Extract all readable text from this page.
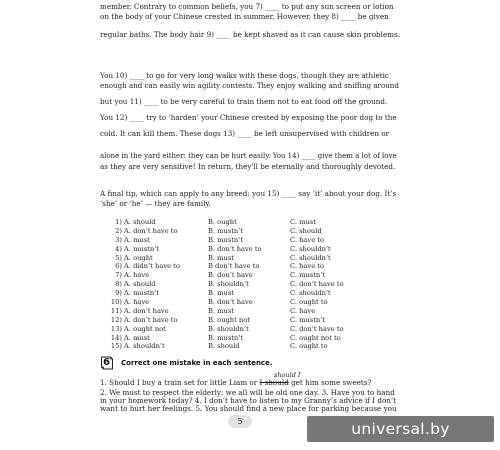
member. Contrary to common beliefs, you 7) ____ to put any sun screen or lotion
on the body of your Chinese crested in summer. However, they 8) ____ be given
regular baths. The body hair 9) ____ be kept shaved as it can cause skin problems.
You 10) ____ to go for very long walks with these dogs, though they are athletic
enough and can easily win agility contests. They enjoy walking and sniffing around
but you 11) ____ to be very careful to train them not to eat food off the ground.
You 12) ____ try to ‘harden’ your Chinese crested by exposing the poor dog to the
cold. It can kill them. These dogs 13) ____ be left unsupervised with children or
alone in the yard either: they can be hurt easily. You 14) ____ give them a lot of love
as they are very sensitive! In return, they'll be eternally and thoroughly devoted.
A final tip, which can apply to any breed: you 15) ____ say ‘it’ about your dog. It’s
‘she’ or ‘he’ — they are family.
1) A. should	B. ought	C. must
2) A. don’t have to	B. mustn’t	C. should
3) A. must	B. mustn’t	C. have to
4) A. mustn’t	B. don’t have to	C. shouldn’t
5) A. ought	B. must	C. shouldn’t
6) A. didn’t have to	B don’t have to	C. have to
7) A. have	B. don’t have	C. mustn’t
8) A. should	B. shouldn’t	C. don’t have to
9) A. mustn’t	B. must	C. shouldn’t
10) A. have	B. don’t have	C. ought to
11) A. don’t have	B. must	C. have
12) A. don’t have to	B. ought not	C. mustn’t
13) A. ought not	B. shouldn’t	C. don’t have to
14) A. must	B. mustn’t	C. ought not to
15) A. shouldn’t	B. should	C. ought to
6 Correct one mistake in each sentence.
should I
1. Should I buy a train set for little Liam or I should get him some sweets?
2. We must to respect the elderly: we all will be old one day. 3. Have you to hand
in your homework today? 4. I don’t have to listen to my Granny’s advice if I don’t
want to hurt her feelings. 5. You should find a new place for parking because you
5	universal.by
